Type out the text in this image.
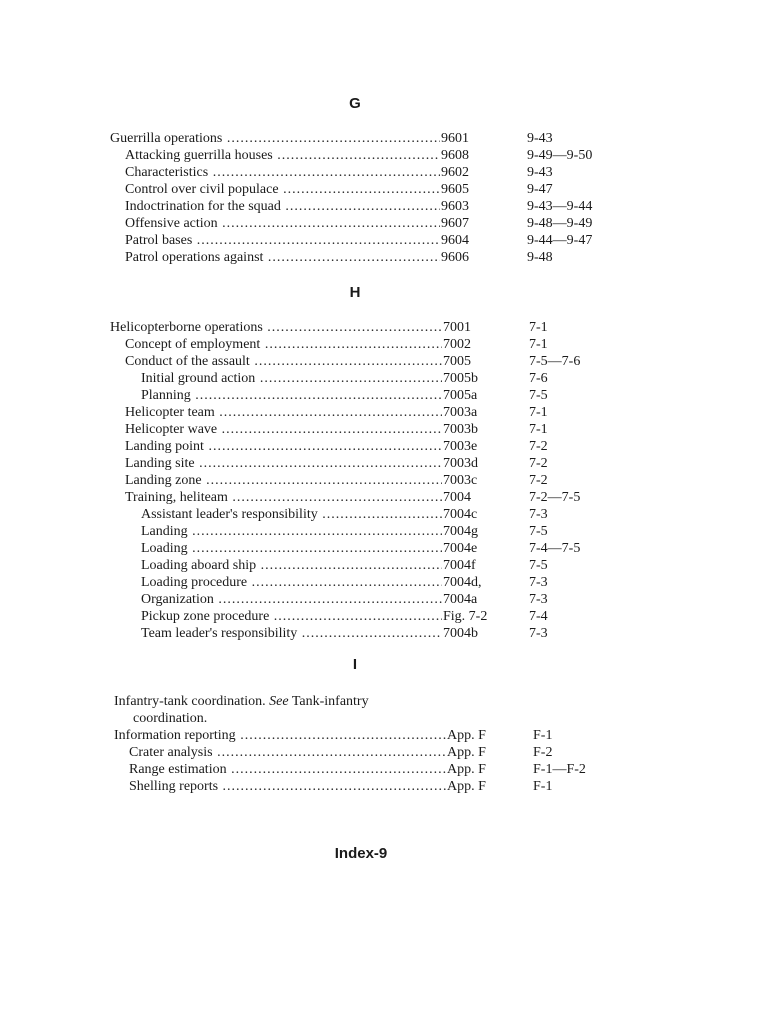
G
Guerrilla operations .....	9601	9-43
Attacking guerrilla houses .....	9608	9-49—9-50
Characteristics .....	9602	9-43
Control over civil populace .....	9605	9-47
Indoctrination for the squad .....	9603	9-43—9-44
Offensive action .....	9607	9-48—9-49
Patrol bases .....	9604	9-44—9-47
Patrol operations against .....	9606	9-48
H
Helicopterborne operations .....	7001	7-1
Concept of employment .....	7002	7-1
Conduct of the assault .....	7005	7-5—7-6
Initial ground action .....	7005b	7-6
Planning .....	7005a	7-5
Helicopter team .....	7003a	7-1
Helicopter wave .....	7003b	7-1
Landing point .....	7003e	7-2
Landing site .....	7003d	7-2
Landing zone .....	7003c	7-2
Training, heliteam .....	7004	7-2—7-5
Assistant leader's responsibility .....	7004c	7-3
Landing .....	7004g	7-5
Loading .....	7004e	7-4—7-5
Loading aboard ship .....	7004f	7-5
Loading procedure .....	7004d,	7-3
Organization .....	7004a	7-3
Pickup zone procedure .....	Fig. 7-2	7-4
Team leader's responsibility .....	7004b	7-3
I
Infantry-tank coordination. See Tank-infantry
coordination.
Information reporting .....	App. F	F-1
Crater analysis .....	App. F	F-2
Range estimation .....	App. F	F-1—F-2
Shelling reports .....	App. F	F-1
Index-9
